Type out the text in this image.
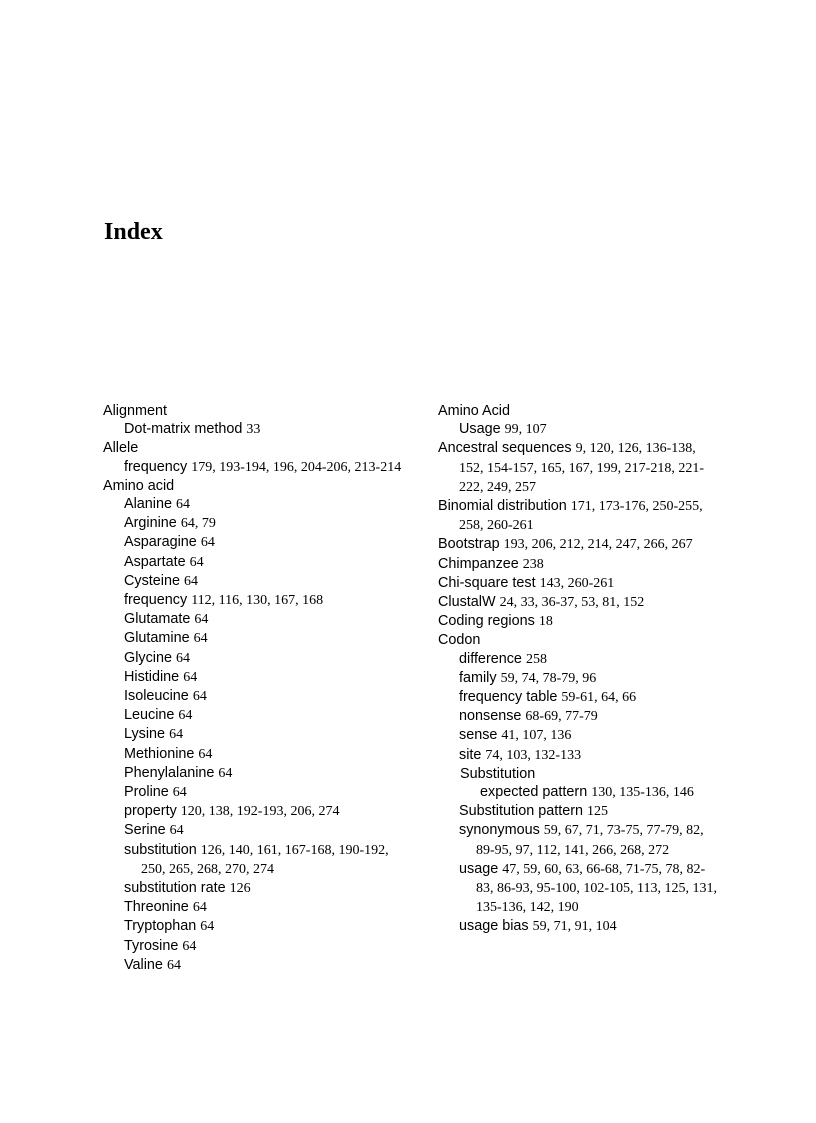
Index
Alignment
Dot-matrix method 33
Allele
frequency 179, 193-194, 196, 204-206, 213-214
Amino acid
Alanine 64
Arginine 64, 79
Asparagine 64
Aspartate 64
Cysteine 64
frequency 112, 116, 130, 167, 168
Glutamate 64
Glutamine 64
Glycine 64
Histidine 64
Isoleucine 64
Leucine 64
Lysine 64
Methionine 64
Phenylalanine 64
Proline 64
property 120, 138, 192-193, 206, 274
Serine 64
substitution 126, 140, 161, 167-168, 190-192, 250, 265, 268, 270, 274
substitution rate 126
Threonine 64
Tryptophan 64
Tyrosine 64
Valine 64
Amino Acid
Usage 99, 107
Ancestral sequences 9, 120, 126, 136-138, 152, 154-157, 165, 167, 199, 217-218, 221-222, 249, 257
Binomial distribution 171, 173-176, 250-255, 258, 260-261
Bootstrap 193, 206, 212, 214, 247, 266, 267
Chimpanzee 238
Chi-square test 143, 260-261
ClustalW 24, 33, 36-37, 53, 81, 152
Coding regions 18
Codon
difference 258
family 59, 74, 78-79, 96
frequency table 59-61, 64, 66
nonsense 68-69, 77-79
sense 41, 107, 136
site 74, 103, 132-133
Substitution
expected pattern 130, 135-136, 146
Substitution pattern 125
synonymous 59, 67, 71, 73-75, 77-79, 82, 89-95, 97, 112, 141, 266, 268, 272
usage 47, 59, 60, 63, 66-68, 71-75, 78, 82-83, 86-93, 95-100, 102-105, 113, 125, 131, 135-136, 142, 190
usage bias 59, 71, 91, 104
